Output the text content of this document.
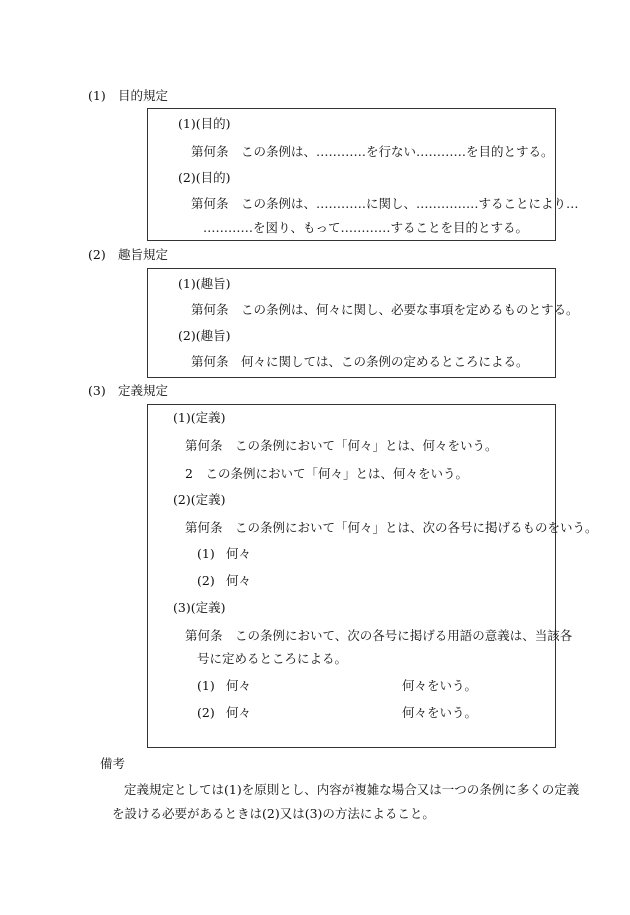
(1) 目的規定
(1)(目的)
第何条　この条例は、…………を行ない…………を目的とする。
(2)(目的)
第何条　この条例は、…………に関し、……………することにより…
…………を図り、もって…………することを目的とする。
(2) 趣旨規定
(1)(趣旨)
第何条　この条例は、何々に関し、必要な事項を定めるものとする。
(2)(趣旨)
第何条　何々に関しては、この条例の定めるところによる。
(3) 定義規定
(1)(定義)
第何条　この条例において「何々」とは、何々をいう。
2　この条例において「何々」とは、何々をいう。
(2)(定義)
第何条　この条例において「何々」とは、次の各号に掲げるものをいう。
(1) 何々
(2) 何々
(3)(定義)
第何条　この条例において、次の各号に掲げる用語の意義は、当該各
号に定めるところによる。
(1) 何々	何々をいう。
(2) 何々	何々をいう。
備考
定義規定としては(1)を原則とし、内容が複雑な場合又は一つの条例に多くの定義
を設ける必要があるときは(2)又は(3)の方法によること。
